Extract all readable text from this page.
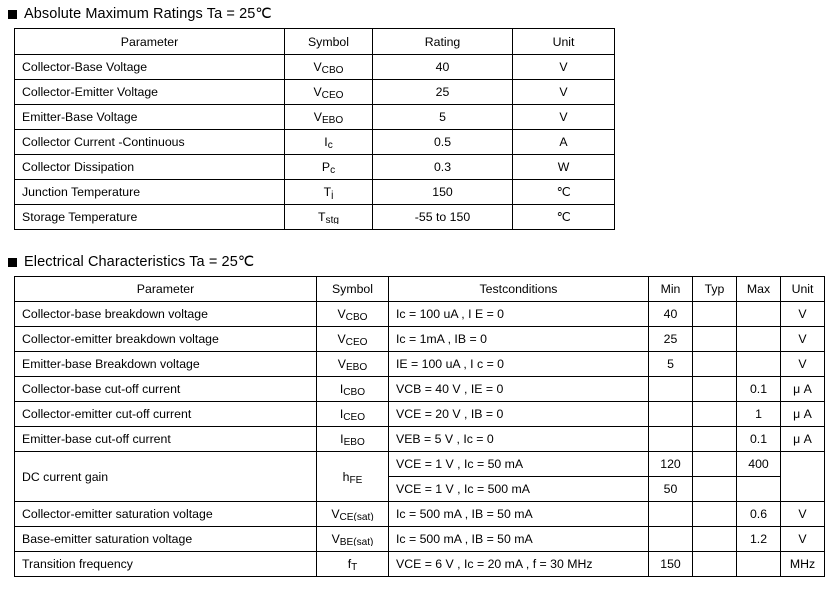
Absolute Maximum Ratings Ta = 25℃
Parameter	Symbol	Rating	Unit

Collector-Base Voltage	$V_{CBO}$	40	V

Collector-Emitter Voltage	$V_{CEO}$	25	V

Emitter-Base Voltage	$V_{EBO}$	5	V

Collector Current -Continuous	$I_c$	0.5	A

Collector Dissipation	$P_c$	0.3	W

Junction Temperature	$T_j$	150	℃

Storage Temperature	$T_{stg}$	-55 to 150	℃
Electrical Characteristics Ta = 25℃
Parameter	Symbol	Testconditions	Min	Typ	Max	Unit

Collector-base breakdown voltage	$V_{CBO}$	Ic = 100 uA , I E = 0	40			V

Collector-emitter breakdown voltage	$V_{CEO}$	Ic = 1mA , IB = 0	25			V

Emitter-base Breakdown voltage	$V_{EBO}$	IE = 100 uA , I c = 0	5			V

Collector-base cut-off current	$I_{CBO}$	VCB = 40 V , IE = 0			0.1	μ A

Collector-emitter cut-off current	$I_{CEO}$	VCE = 20 V , IB = 0			1	μ A

Emitter-base cut-off current	$I_{EBO}$	VEB = 5 V , Ic = 0			0.1	μ A

DC current gain	$h_{FE}$	VCE = 1 V , Ic = 50 mA	120		400	

		VCE = 1 V , Ic = 500 mA	50			

Collector-emitter saturation voltage	$V_{CE(sat)}$	Ic = 500 mA , IB = 50 mA			0.6	V

Base-emitter saturation voltage	$V_{BE(sat)}$	Ic = 500 mA , IB = 50 mA			1.2	V

Transition frequency	$f_T$	VCE = 6 V , Ic = 20 mA , f = 30 MHz	150			MHz
